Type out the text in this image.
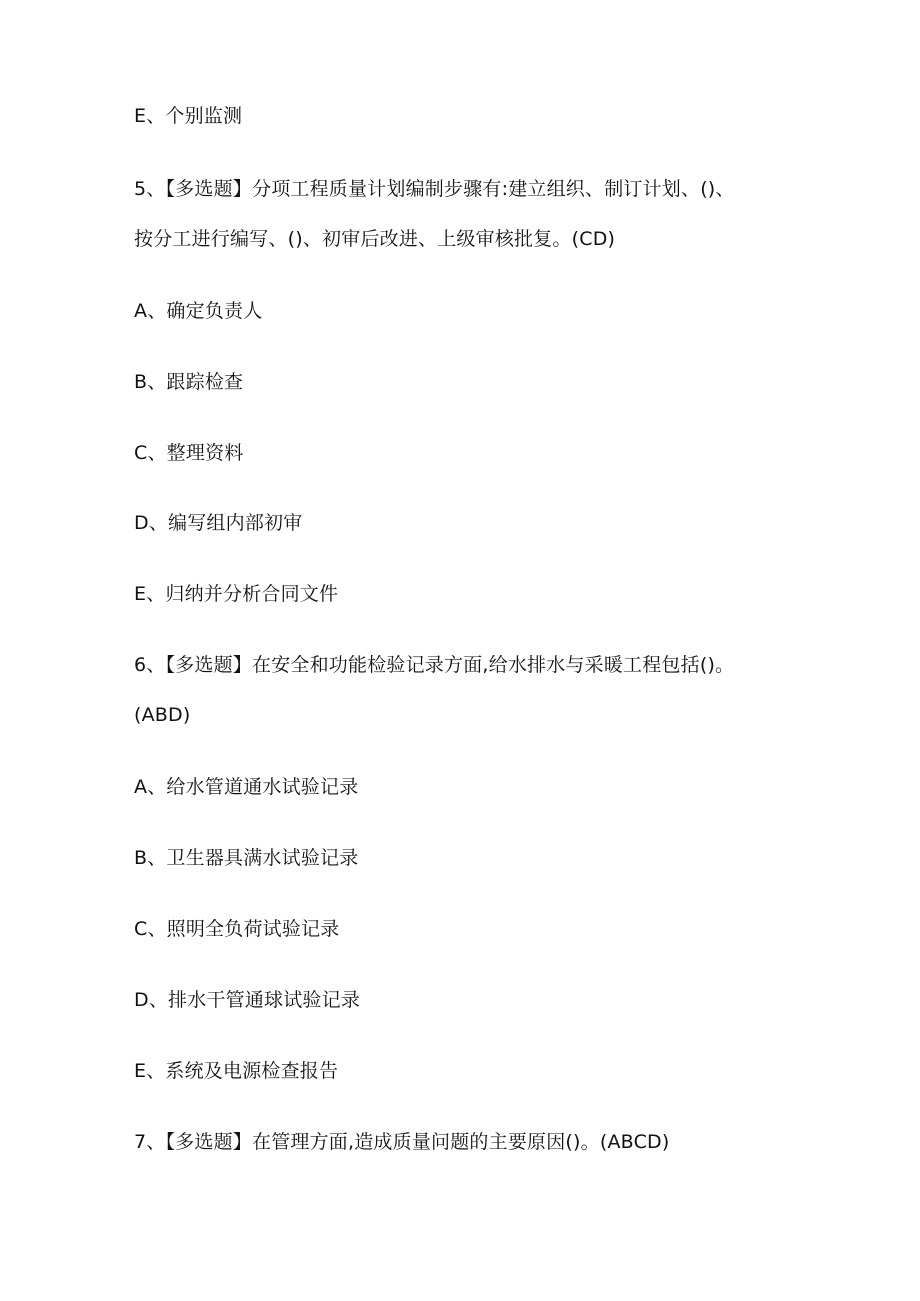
E、个别监测
5、【多选题】分项工程质量计划编制步骤有:建立组织、制订计划、()、
按分工进行编写、()、初审后改进、上级审核批复。(CD)
A、确定负责人
B、跟踪检查
C、整理资料
D、编写组内部初审
E、归纳并分析合同文件
6、【多选题】在安全和功能检验记录方面,给水排水与采暖工程包括()。
(ABD)
A、给水管道通水试验记录
B、卫生器具满水试验记录
C、照明全负荷试验记录
D、排水干管通球试验记录
E、系统及电源检查报告
7、【多选题】在管理方面,造成质量问题的主要原因()。(ABCD)
